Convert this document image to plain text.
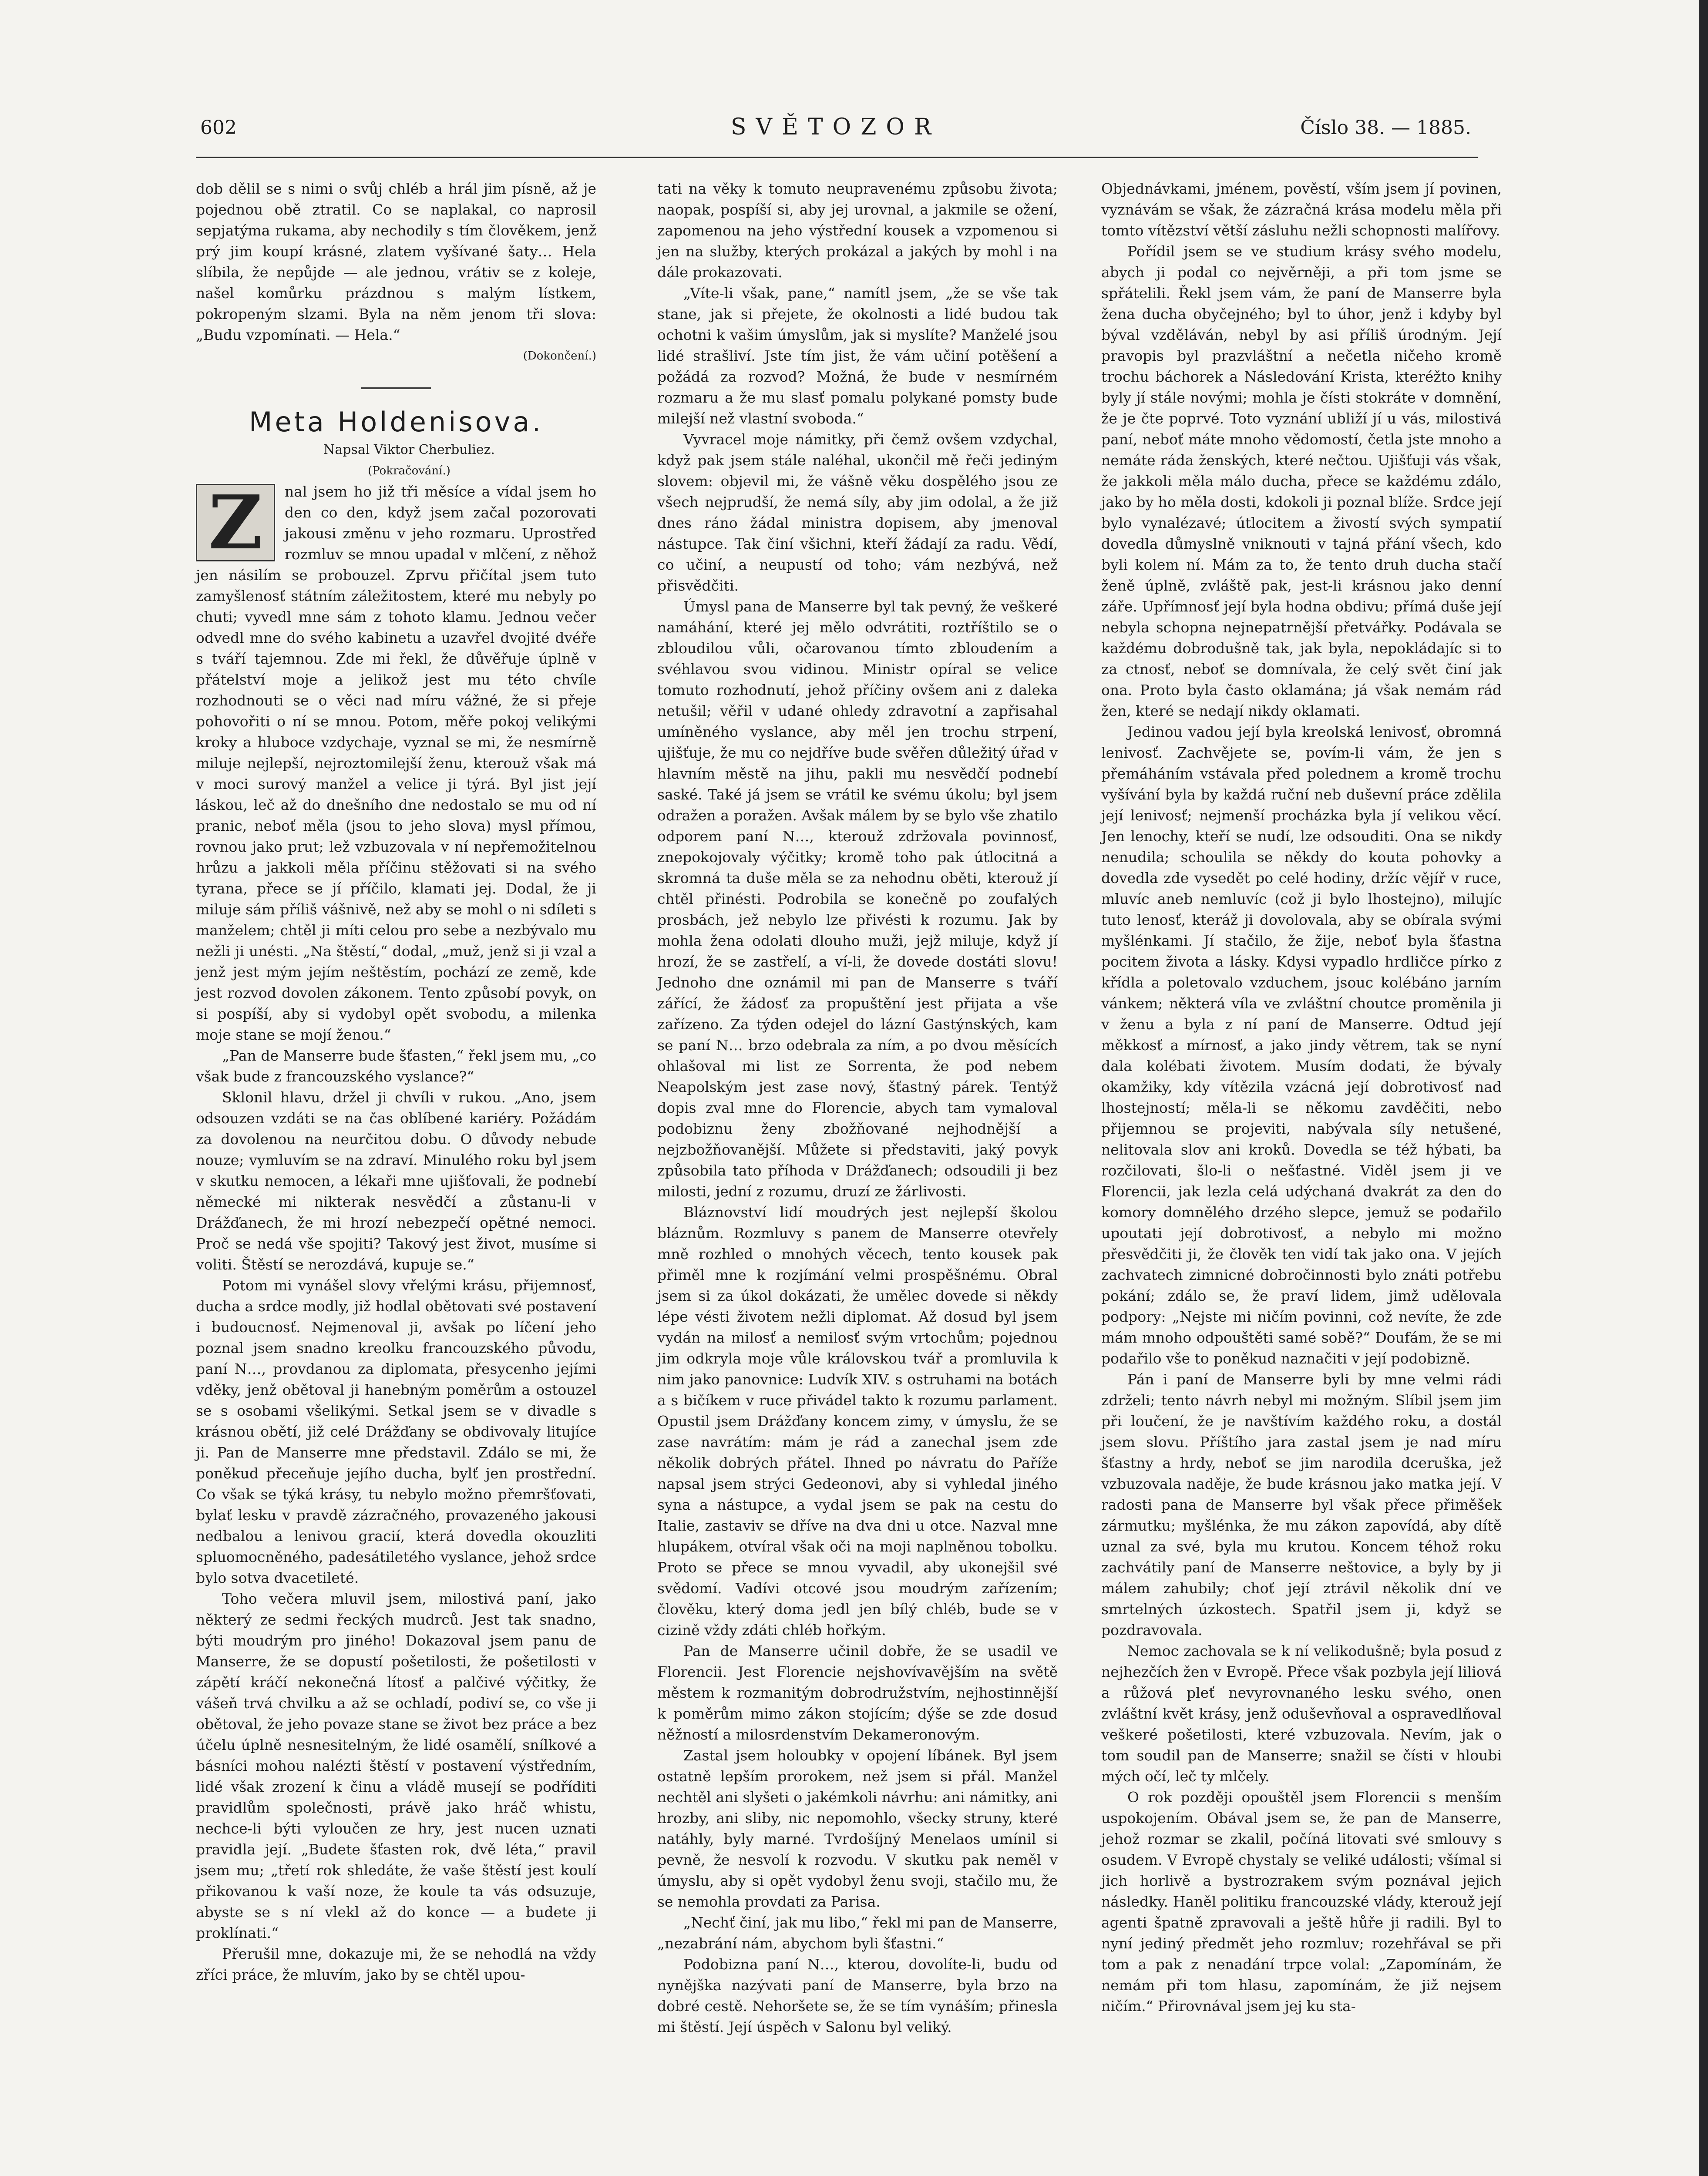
602	SVĚTOZOR	Číslo 38. — 1885.

dob dělil se s nimi o svůj chléb a hrál jim písně, až je pojednou obě ztratil. Co se naplakal, co naprosil sepjatýma rukama, aby nechodily s tím člověkem, jenž prý jim koupí krásné, zlatem vyšívané šaty… Hela slíbila, že nepůjde — ale jednou, vrátiv se z koleje, našel komůrku prázdnou s malým lístkem, pokropeným slzami. Byla na něm jenom tři slova: „Budu vzpomínati. — Hela.“

(Dokončení.)

Meta Holdenisova.

Napsal Viktor Cherbuliez.

(Pokračování.)

Z	nal jsem ho již tři měsíce a vídal jsem ho den co den, když jsem začal pozorovati jakousi změnu v jeho rozmaru. Uprostřed rozmluv se mnou upadal v mlčení, z něhož jen násilím se probouzel. Zprvu přičítal jsem tuto zamyšlenosť státním záležitostem, které mu nebyly po chuti; vyvedl mne sám z tohoto klamu. Jednou večer odvedl mne do svého kabinetu a uzavřel dvojité dvéře s tváří tajemnou. Zde mi řekl, že důvěřuje úplně v přátelství moje a jelikož jest mu této chvíle rozhodnouti se o věci nad míru vážné, že si přeje pohovořiti o ní se mnou. Potom, měře pokoj velikými kroky a hluboce vzdychaje, vyznal se mi, že nesmírně miluje nejlepší, nejroztomilejší ženu, kterouž však má v moci surový manžel a velice ji týrá. Byl jist její láskou, leč až do dnešního dne nedostalo se mu od ní pranic, neboť měla (jsou to jeho slova) mysl přímou, rovnou jako prut; lež vzbuzovala v ní nepřemožitelnou hrůzu a jakkoli měla příčinu stěžovati si na svého tyrana, přece se jí příčilo, klamati jej. Dodal, že ji miluje sám příliš vášnivě, než aby se mohl o ni sdíleti s manželem; chtěl ji míti celou pro sebe a nezbývalo mu nežli ji unésti. „Na štěstí,“ dodal, „muž, jenž si ji vzal a jenž jest mým jejím neštěstím, pochází ze země, kde jest rozvod dovolen zákonem. Tento způsobí povyk, on si pospíší, aby si vydobyl opět svobodu, a milenka moje stane se mojí ženou.“

„Pan de Manserre bude šťasten,“ řekl jsem mu, „co však bude z francouzského vyslance?“

Sklonil hlavu, držel ji chvíli v rukou. „Ano, jsem odsouzen vzdáti se na čas oblíbené kariéry. Požádám za dovolenou na neurčitou dobu. O důvody nebude nouze; vymluvím se na zdraví. Minulého roku byl jsem v skutku nemocen, a lékaři mne ujišťovali, že podnebí německé mi nikterak nesvědčí a zůstanu-li v Drážďanech, že mi hrozí nebezpečí opětné nemoci. Proč se nedá vše spojiti? Takový jest život, musíme si voliti. Štěstí se nerozdává, kupuje se.“

Potom mi vynášel slovy vřelými krásu, přijemnosť, ducha a srdce modly, již hodlal obětovati své postavení i budoucnosť. Nejmenoval ji, avšak po líčení jeho poznal jsem snadno kreolku francouzského původu, paní N…, provdanou za diplomata, přesycenho jejími vděky, jenž obětoval ji hanebným poměrům a ostouzel se s osobami všelikými. Setkal jsem se v divadle s krásnou obětí, již celé Drážďany se obdivovaly litujíce ji. Pan de Manserre mne představil. Zdálo se mi, že poněkud přeceňuje jejího ducha, bylť jen prostřední. Co však se týká krásy, tu nebylo možno přemršťovati, bylať lesku v pravdě zázračného, provazeného jakousi nedbalou a lenivou gracií, která dovedla okouzliti spluomocněného, padesátiletého vyslance, jehož srdce bylo sotva dvacetileté.

Toho večera mluvil jsem, milostivá paní, jako některý ze sedmi řeckých mudrců. Jest tak snadno, býti moudrým pro jiného! Dokazoval jsem panu de Manserre, že se dopustí pošetilosti, že pošetilosti v zápětí kráčí nekonečná lítosť a palčivé výčitky, že vášeň trvá chvilku a až se ochladí, podiví se, co vše ji obětoval, že jeho povaze stane se život bez práce a bez účelu úplně nesnesitelným, že lidé osamělí, snílkové a básníci mohou nalézti štěstí v postavení výstředním, lidé však zrození k činu a vládě musejí se podříditi pravidlům společnosti, právě jako hráč whistu, nechce-li býti vyloučen ze hry, jest nucen uznati pravidla její. „Budete šťasten rok, dvě léta,“ pravil jsem mu; „třetí rok shledáte, že vaše štěstí jest koulí přikovanou k vaší noze, že koule ta vás odsuzuje, abyste se s ní vlekl až do konce — a budete ji proklínati.“

Přerušil mne, dokazuje mi, že se nehodlá na vždy zříci práce, že mluvím, jako by se chtěl upou-

tati na věky k tomuto neupravenému způsobu života; naopak, pospíší si, aby jej urovnal, a jakmile se ožení, zapomenou na jeho výstřední kousek a vzpomenou si jen na služby, kterých prokázal a jakých by mohl i na dále prokazovati.

„Víte-li však, pane,“ namítl jsem, „že se vše tak stane, jak si přejete, že okolnosti a lidé budou tak ochotni k vašim úmyslům, jak si myslíte? Manželé jsou lidé strašliví. Jste tím jist, že vám učiní potěšení a požádá za rozvod? Možná, že bude v nesmírném rozmaru a že mu slasť pomalu polykané pomsty bude milejší než vlastní svoboda.“

Vyvracel moje námitky, při čemž ovšem vzdychal, když pak jsem stále naléhal, ukončil mě řeči jediným slovem: objevil mi, že vášně věku dospělého jsou ze všech nejprudší, že nemá síly, aby jim odolal, a že již dnes ráno žádal ministra dopisem, aby jmenoval nástupce. Tak činí všichni, kteří žádají za radu. Vědí, co učiní, a neupustí od toho; vám nezbývá, než přisvědčiti.

Úmysl pana de Manserre byl tak pevný, že veškeré namáhání, které jej mělo odvrátiti, roztříštilo se o zbloudilou vůli, očarovanou tímto zbloudením a svéhlavou svou vidinou. Ministr opíral se velice tomuto rozhodnutí, jehož příčiny ovšem ani z daleka netušil; věřil v udané ohledy zdravotní a zapřisahal umíněného vyslance, aby měl jen trochu strpení, ujišťuje, že mu co nejdříve bude svěřen důležitý úřad v hlavním městě na jihu, pakli mu nesvědčí podnebí saské. Také já jsem se vrátil ke svému úkolu; byl jsem odražen a poražen. Avšak málem by se bylo vše zhatilo odporem paní N…, kterouž zdržovala povinnosť, znepokojovaly výčitky; kromě toho pak útlocitná a skromná ta duše měla se za nehodnu oběti, kterouž jí chtěl přinésti. Podrobila se konečně po zoufalých prosbách, jež nebylo lze přivésti k rozumu. Jak by mohla žena odolati dlouho muži, jejž miluje, když jí hrozí, že se zastřelí, a ví-li, že dovede dostáti slovu! Jednoho dne oznámil mi pan de Manserre s tváří zářící, že žádosť za propuštění jest přijata a vše zařízeno. Za týden odejel do lázní Gastýnských, kam se paní N… brzo odebrala za ním, a po dvou měsících ohlašoval mi list ze Sorrenta, že pod nebem Neapolským jest zase nový, šťastný párek. Tentýž dopis zval mne do Florencie, abych tam vymaloval podobiznu ženy zbožňované nejhodnější a nejzbožňovanější. Můžete si představiti, jaký povyk způsobila tato příhoda v Drážďanech; odsoudili ji bez milosti, jední z rozumu, druzí ze žárlivosti.

Bláznovství lidí moudrých jest nejlepší školou bláznům. Rozmluvy s panem de Manserre otevřely mně rozhled o mnohých věcech, tento kousek pak přiměl mne k rozjímání velmi prospěšnému. Obral jsem si za úkol dokázati, že umělec dovede si někdy lépe vésti životem nežli diplomat. Až dosud byl jsem vydán na milosť a nemilosť svým vrtochům; pojednou jim odkryla moje vůle královskou tvář a promluvila k nim jako panovnice: Ludvík XIV. s ostruhami na botách a s bičíkem v ruce přivádel takto k rozumu parlament. Opustil jsem Drážďany koncem zimy, v úmyslu, že se zase navrátím: mám je rád a zanechal jsem zde několik dobrých přátel. Ihned po návratu do Paříže napsal jsem strýci Gedeonovi, aby si vyhledal jiného syna a nástupce, a vydal jsem se pak na cestu do Italie, zastaviv se dříve na dva dni u otce. Nazval mne hlupákem, otvíral však oči na moji naplněnou tobolku. Proto se přece se mnou vyvadil, aby ukonejšil své svědomí. Vadívi otcové jsou moudrým zařízením; člověku, který doma jedl jen bílý chléb, bude se v cizině vždy zdáti chléb hořkým.

Pan de Manserre učinil dobře, že se usadil ve Florencii. Jest Florencie nejshovívavějším na světě městem k rozmanitým dobrodružstvím, nejhostinnější k poměrům mimo zákon stojícím; dýše se zde dosud něžností a milosrdenstvím Dekameronovým.

Zastal jsem holoubky v opojení líbánek. Byl jsem ostatně lepším prorokem, než jsem si přál. Manžel nechtěl ani slyšeti o jakémkoli návrhu: ani námitky, ani hrozby, ani sliby, nic nepomohlo, všecky struny, které natáhly, byly marné. Tvrdošíjný Menelaos umínil si pevně, že nesvolí k rozvodu. V skutku pak neměl v úmyslu, aby si opět vydobyl ženu svoji, stačilo mu, že se nemohla provdati za Parisa.

„Nechť činí, jak mu libo,“ řekl mi pan de Manserre, „nezabrání nám, abychom byli šťastni.“

Podobizna paní N…, kterou, dovolíte-li, budu od nynějška nazývati paní de Manserre, byla brzo na dobré cestě. Nehoršete se, že se tím vynáším; přinesla mi štěstí. Její úspěch v Salonu byl veliký.

Objednávkami, jménem, pověstí, vším jsem jí povinen, vyznávám se však, že zázračná krása modelu měla při tomto vítězství větší zásluhu nežli schopnosti malířovy.

Pořídil jsem se ve studium krásy svého modelu, abych ji podal co nejvěrněji, a při tom jsme se spřátelili. Řekl jsem vám, že paní de Manserre byla žena ducha obyčejného; byl to úhor, jenž i kdyby byl býval vzděláván, nebyl by asi příliš úrodným. Její pravopis byl prazvláštní a nečetla ničeho kromě trochu báchorek a Následování Krista, kteréžto knihy byly jí stále novými; mohla je čísti stokráte v domnění, že je čte poprvé. Toto vyznání ubliží jí u vás, milostivá paní, neboť máte mnoho vědomostí, četla jste mnoho a nemáte ráda ženských, které nečtou. Ujišťuji vás však, že jakkoli měla málo ducha, přece se každému zdálo, jako by ho měla dosti, kdokoli ji poznal blíže. Srdce její bylo vynalézavé; útlocitem a živostí svých sympatií dovedla důmyslně vniknouti v tajná přání všech, kdo byli kolem ní. Mám za to, že tento druh ducha stačí ženě úplně, zvláště pak, jest-li krásnou jako denní záře. Upřímnosť její byla hodna obdivu; přímá duše její nebyla schopna nejnepatrnější přetvářky. Podávala se každému dobrodušně tak, jak byla, nepokládajíc si to za ctnosť, neboť se domnívala, že celý svět činí jak ona. Proto byla často oklamána; já však nemám rád žen, které se nedají nikdy oklamati.

Jedinou vadou její byla kreolská lenivosť, obromná lenivosť. Zachvějete se, povím-li vám, že jen s přemáháním vstávala před polednem a kromě trochu vyšívání byla by každá ruční neb duševní práce zdělila její lenivosť; nejmenší procházka byla jí velikou věcí. Jen lenochy, kteří se nudí, lze odsouditi. Ona se nikdy nenudila; schoulila se někdy do kouta pohovky a dovedla zde vysedět po celé hodiny, držíc vějíř v ruce, mluvíc aneb nemluvíc (což ji bylo lhostejno), milujíc tuto lenosť, kteráž ji dovolovala, aby se obírala svými myšlénkami. Jí stačilo, že žije, neboť byla šťastna pocitem života a lásky. Kdysi vypadlo hrdličce pírko z křídla a poletovalo vzduchem, jsouc kolébáno jarním vánkem; některá víla ve zvláštní choutce proměnila ji v ženu a byla z ní paní de Manserre. Odtud její měkkosť a mírnosť, a jako jindy větrem, tak se nyní dala kolébati životem. Musím dodati, že bývaly okamžiky, kdy vítězila vzácná její dobrotivosť nad lhostejností; měla-li se někomu zavděčiti, nebo přijemnou se projeviti, nabývala síly netušené, nelitovala slov ani kroků. Dovedla se též hýbati, ba rozčilovati, šlo-li o nešťastné. Viděl jsem ji ve Florencii, jak lezla celá udýchaná dvakrát za den do komory domnělého drzého slepce, jemuž se podařilo upoutati její dobrotivosť, a nebylo mi možno přesvědčiti ji, že člověk ten vidí tak jako ona. V jejích zachvatech zimnicné dobročinnosti bylo znáti potřebu pokání; zdálo se, že praví lidem, jimž udělovala podpory: „Nejste mi ničím povinni, což nevíte, že zde mám mnoho odpouštěti samé sobě?“ Doufám, že se mi podařilo vše to poněkud naznačiti v její podobizně.

Pán i paní de Manserre byli by mne velmi rádi zdrželi; tento návrh nebyl mi možným. Slíbil jsem jim při loučení, že je navštívím každého roku, a dostál jsem slovu. Příštího jara zastal jsem je nad míru šťastny a hrdy, neboť se jim narodila dceruška, jež vzbuzovala naděje, že bude krásnou jako matka její. V radosti pana de Manserre byl však přece přiměšek zármutku; myšlénka, že mu zákon zapovídá, aby dítě uznal za své, byla mu krutou. Koncem téhož roku zachvátily paní de Manserre neštovice, a byly by ji málem zahubily; choť její ztrávil několik dní ve smrtelných úzkostech. Spatřil jsem ji, když se pozdravovala.

Nemoc zachovala se k ní velikodušně; byla posud z nejhezčích žen v Evropě. Přece však pozbyla její liliová a růžová pleť nevyrovnaného lesku svého, onen zvláštní květ krásy, jenž oduševňoval a ospravedlňoval veškeré pošetilosti, které vzbuzovala. Nevím, jak o tom soudil pan de Manserre; snažil se čísti v hloubi mých očí, leč ty mlčely.

O rok později opouštěl jsem Florencii s menším uspokojením. Obával jsem se, že pan de Manserre, jehož rozmar se zkalil, počíná litovati své smlouvy s osudem. V Evropě chystaly se veliké události; všímal si jich horlivě a bystrozrakem svým poznával jejich následky. Haněl politiku francouzské vlády, kterouž její agenti špatně zpravovali a ještě hůře ji radili. Byl to nyní jediný předmět jeho rozmluv; rozehřával se při tom a pak z nenadání trpce volal: „Zapomínám, že nemám při tom hlasu, zapomínám, že již nejsem ničím.“ Přirovnával jsem jej ku sta-
